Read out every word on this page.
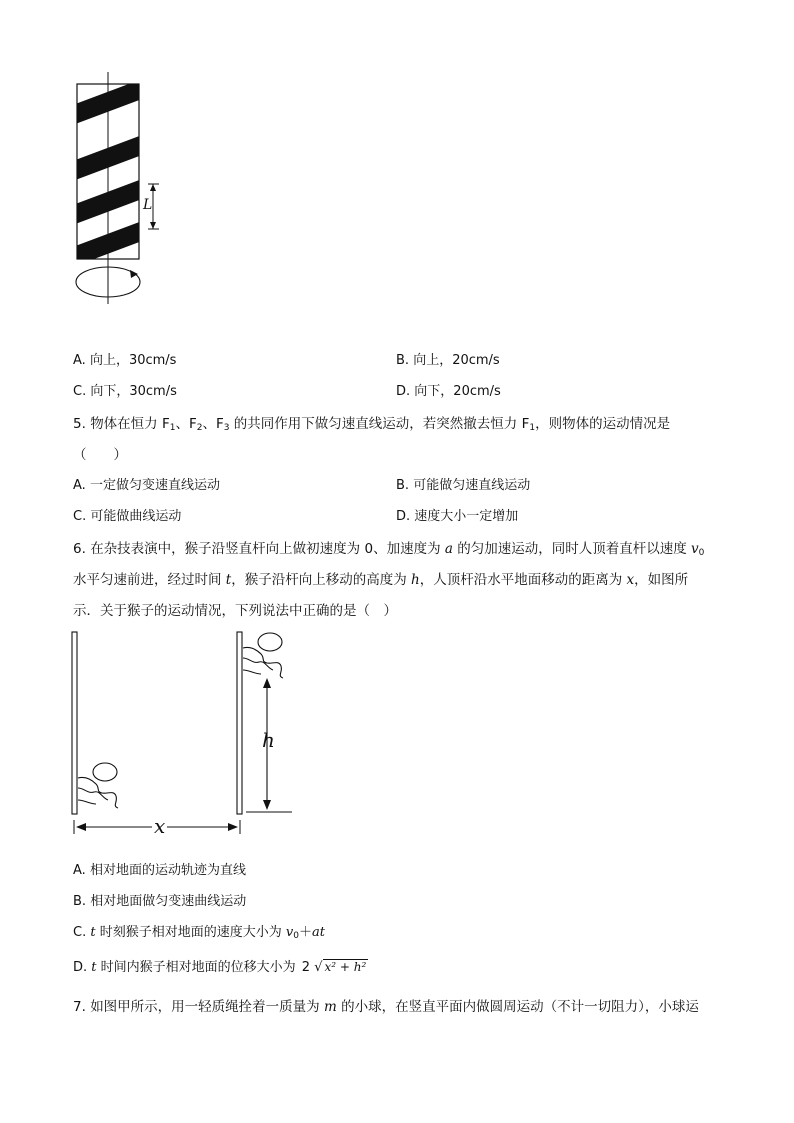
L
A. 向上，30cm/s	B. 向上，20cm/s
C. 向下，30cm/s	D. 向下，20cm/s
5. 物体在恒力 $F_1$、$F_2$、$F_3$ 的共同作用下做匀速直线运动，若突然撤去恒力 $F_1$，则物体的运动情况是
（　　）
A. 一定做匀变速直线运动	B. 可能做匀速直线运动
C. 可能做曲线运动	D. 速度大小一定增加
6. 在杂技表演中，猴子沿竖直杆向上做初速度为 0、加速度为 a 的匀加速运动，同时人顶着直杆以速度 $v_0$
水平匀速前进，经过时间 t，猴子沿杆向上移动的高度为 h，人顶杆沿水平地面移动的距离为 x，如图所
示．关于猴子的运动情况，下列说法中正确的是（　）
h
x
A. 相对地面的运动轨迹为直线
B. 相对地面做匀变速曲线运动
C. t 时刻猴子相对地面的速度大小为 $v_0+at$
D. t 时间内猴子相对地面的位移大小为 2 √ x² + h²
7. 如图甲所示，用一轻质绳拴着一质量为 m 的小球，在竖直平面内做圆周运动（不计一切阻力），小球运
